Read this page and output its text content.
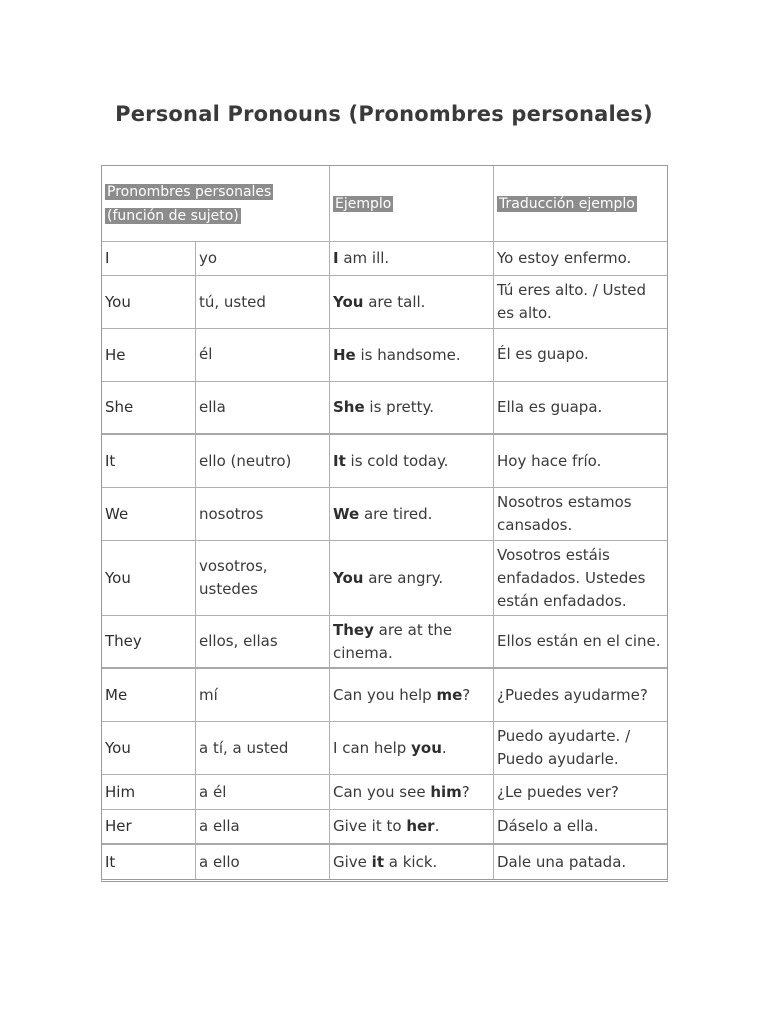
Personal Pronouns (Pronombres personales)
Pronombres personales
(función de sujeto)		Ejemplo	Traducción ejemplo
I	yo	I am ill.	Yo estoy enfermo.
You	tú, usted	You are tall.	Tú eres alto. / Usted es alto.
He	él	He is handsome.	Él es guapo.
She	ella	She is pretty.	Ella es guapa.
It	ello (neutro)	It is cold today.	Hoy hace frío.
We	nosotros	We are tired.	Nosotros estamos cansados.
You	vosotros, ustedes	You are angry.	Vosotros estáis enfadados. Ustedes están enfadados.
They	ellos, ellas	They are at the cinema.	Ellos están en el cine.
Me	mí	Can you help me?	¿Puedes ayudarme?
You	a tí, a usted	I can help you.	Puedo ayudarte. / Puedo ayudarle.
Him	a él	Can you see him?	¿Le puedes ver?
Her	a ella	Give it to her.	Dáselo a ella.
It	a ello	Give it a kick.	Dale una patada.
